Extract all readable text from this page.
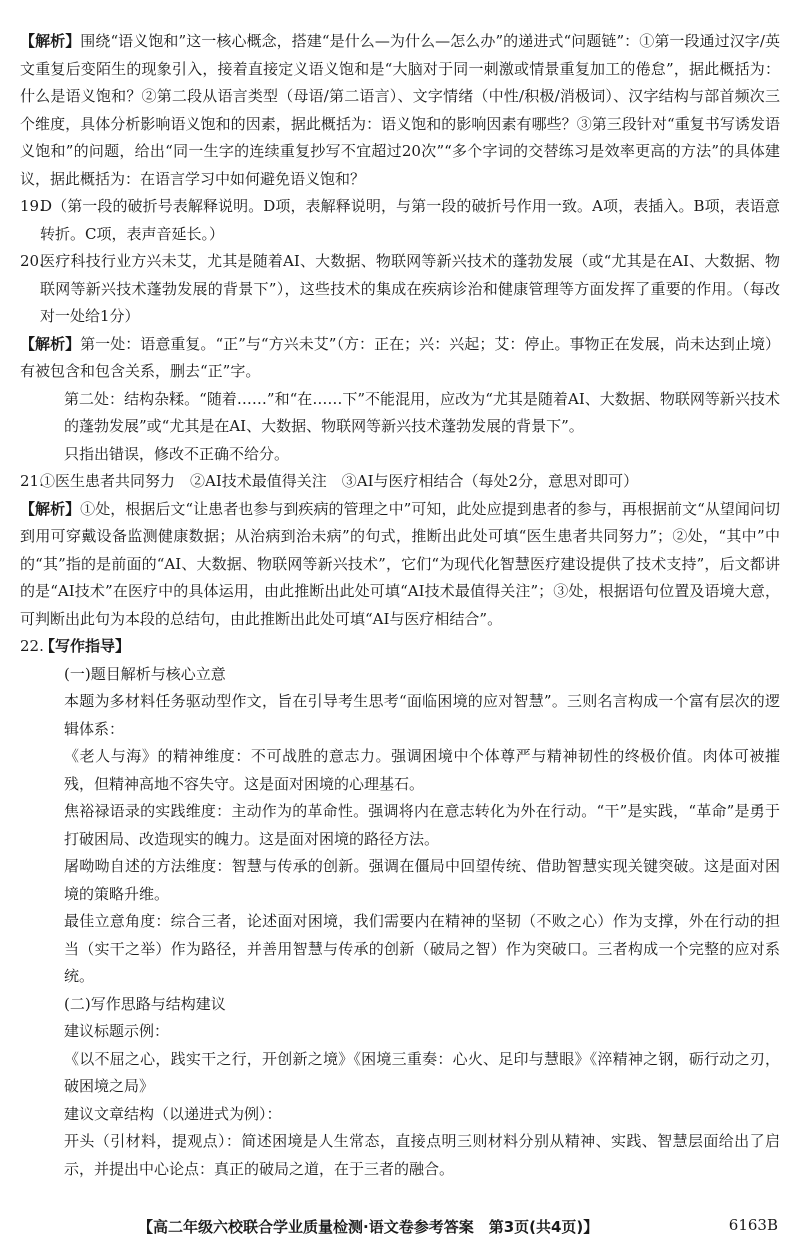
【解析】围绕“语义饱和”这一核心概念，搭建“是什么—为什么—怎么办”的递进式“问题链”：①第一段通过汉字/英文重复后变陌生的现象引入，接着直接定义语义饱和是“大脑对于同一刺激或情景重复加工的倦怠”，据此概括为：什么是语义饱和？②第二段从语言类型（母语/第二语言）、文字情绪（中性/积极/消极词）、汉字结构与部首频次三个维度，具体分析影响语义饱和的因素，据此概括为：语义饱和的影响因素有哪些？③第三段针对“重复书写诱发语义饱和”的问题，给出“同一生字的连续重复抄写不宜超过20次”“多个字词的交替练习是效率更高的方法”的具体建议，据此概括为：在语言学习中如何避免语义饱和？

19.D（第一段的破折号表解释说明。D项，表解释说明，与第一段的破折号作用一致。A项，表插入。B项，表语意转折。C项，表声音延长。）

20.医疗科技行业方兴未艾，尤其是随着AI、大数据、物联网等新兴技术的蓬勃发展（或“尤其是在AI、大数据、物联网等新兴技术蓬勃发展的背景下”），这些技术的集成在疾病诊治和健康管理等方面发挥了重要的作用。（每改对一处给1分）

【解析】第一处：语意重复。“正”与“方兴未艾”（方：正在；兴：兴起；艾：停止。事物正在发展，尚未达到止境）有被包含和包含关系，删去“正”字。

第二处：结构杂糅。“随着……”和“在……下”不能混用，应改为“尤其是随着AI、大数据、物联网等新兴技术的蓬勃发展”或“尤其是在AI、大数据、物联网等新兴技术蓬勃发展的背景下”。

只指出错误，修改不正确不给分。

21.①医生患者共同努力　②AI技术最值得关注　③AI与医疗相结合（每处2分，意思对即可）

【解析】①处，根据后文“让患者也参与到疾病的管理之中”可知，此处应提到患者的参与，再根据前文“从望闻问切到用可穿戴设备监测健康数据；从治病到治未病”的句式，推断出此处可填“医生患者共同努力”；②处，“其中”中的“其”指的是前面的“AI、大数据、物联网等新兴技术”，它们“为现代化智慧医疗建设提供了技术支持”，后文都讲的是“AI技术”在医疗中的具体运用，由此推断出此处可填“AI技术最值得关注”；③处，根据语句位置及语境大意，可判断出此句为本段的总结句，由此推断出此处可填“AI与医疗相结合”。

22.【写作指导】

(一)题目解析与核心立意

本题为多材料任务驱动型作文，旨在引导考生思考“面临困境的应对智慧”。三则名言构成一个富有层次的逻辑体系：

《老人与海》的精神维度：不可战胜的意志力。强调困境中个体尊严与精神韧性的终极价值。肉体可被摧残，但精神高地不容失守。这是面对困境的心理基石。

焦裕禄语录的实践维度：主动作为的革命性。强调将内在意志转化为外在行动。“干”是实践，“革命”是勇于打破困局、改造现实的魄力。这是面对困境的路径方法。

屠呦呦自述的方法维度：智慧与传承的创新。强调在僵局中回望传统、借助智慧实现关键突破。这是面对困境的策略升维。

最佳立意角度：综合三者，论述面对困境，我们需要内在精神的坚韧（不败之心）作为支撑，外在行动的担当（实干之举）作为路径，并善用智慧与传承的创新（破局之智）作为突破口。三者构成一个完整的应对系统。

(二)写作思路与结构建议

建议标题示例：

《以不屈之心，践实干之行，开创新之境》《困境三重奏：心火、足印与慧眼》《淬精神之钢，砺行动之刃，破困境之局》

建议文章结构（以递进式为例）：

开头（引材料，提观点）：简述困境是人生常态，直接点明三则材料分别从精神、实践、智慧层面给出了启示，并提出中心论点：真正的破局之道，在于三者的融合。

【高二年级六校联合学业质量检测·语文卷参考答案　第3页(共4页)】	6163B
